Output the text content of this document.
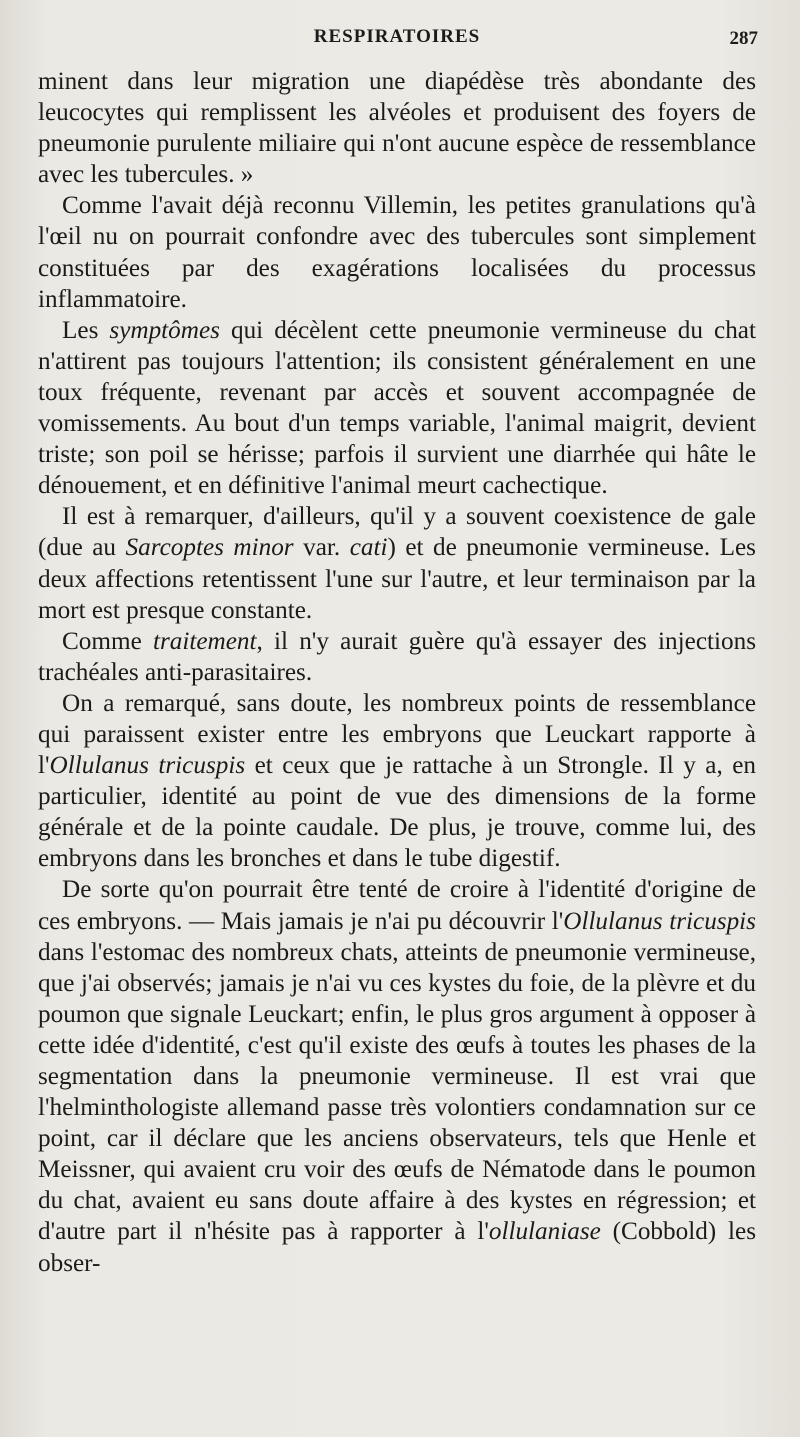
RESPIRATOIRES	287

minent dans leur migration une diapédèse très abondante des leucocytes qui remplissent les alvéoles et produisent des foyers de pneumonie purulente miliaire qui n'ont aucune espèce de ressemblance avec les tubercules. »

Comme l'avait déjà reconnu Villemin, les petites granulations qu'à l'œil nu on pourrait confondre avec des tubercules sont simplement constituées par des exagérations localisées du processus inflammatoire.

Les symptômes qui décèlent cette pneumonie vermineuse du chat n'attirent pas toujours l'attention; ils consistent généralement en une toux fréquente, revenant par accès et souvent accompagnée de vomissements. Au bout d'un temps variable, l'animal maigrit, devient triste; son poil se hérisse; parfois il survient une diarrhée qui hâte le dénouement, et en définitive l'animal meurt cachectique.

Il est à remarquer, d'ailleurs, qu'il y a souvent coexistence de gale (due au Sarcoptes minor var. cati) et de pneumonie vermineuse. Les deux affections retentissent l'une sur l'autre, et leur terminaison par la mort est presque constante.

Comme traitement, il n'y aurait guère qu'à essayer des injections trachéales anti-parasitaires.

On a remarqué, sans doute, les nombreux points de ressemblance qui paraissent exister entre les embryons que Leuckart rapporte à l'Ollulanus tricuspis et ceux que je rattache à un Strongle. Il y a, en particulier, identité au point de vue des dimensions de la forme générale et de la pointe caudale. De plus, je trouve, comme lui, des embryons dans les bronches et dans le tube digestif.

De sorte qu'on pourrait être tenté de croire à l'identité d'origine de ces embryons. — Mais jamais je n'ai pu découvrir l'Ollulanus tricuspis dans l'estomac des nombreux chats, atteints de pneumonie vermineuse, que j'ai observés; jamais je n'ai vu ces kystes du foie, de la plèvre et du poumon que signale Leuckart; enfin, le plus gros argument à opposer à cette idée d'identité, c'est qu'il existe des œufs à toutes les phases de la segmentation dans la pneumonie vermineuse. Il est vrai que l'helminthologiste allemand passe très volontiers condamnation sur ce point, car il déclare que les anciens observateurs, tels que Henle et Meissner, qui avaient cru voir des œufs de Nématode dans le poumon du chat, avaient eu sans doute affaire à des kystes en régression; et d'autre part il n'hésite pas à rapporter à l'ollulaniase (Cobbold) les obser-
